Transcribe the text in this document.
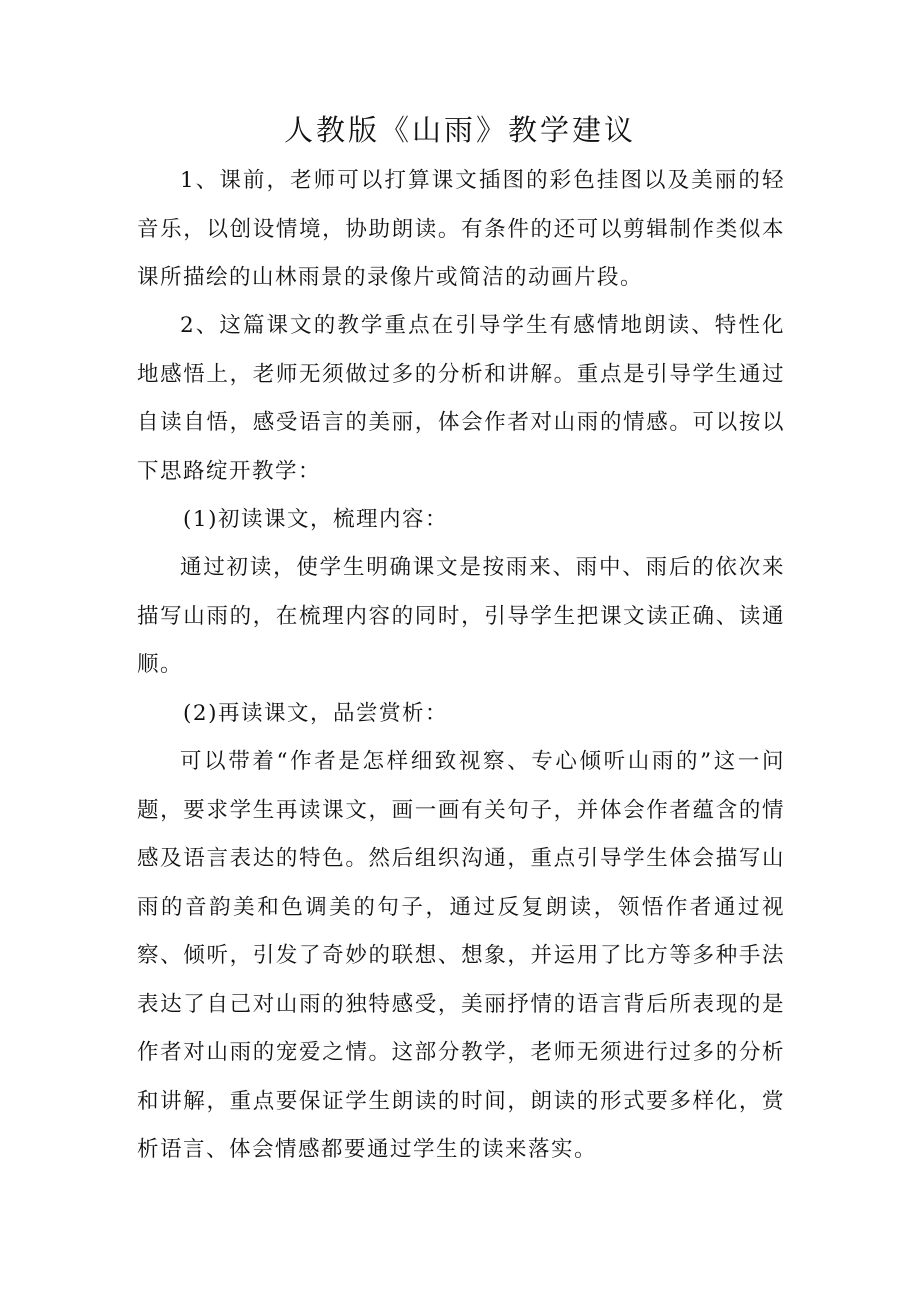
人教版《山雨》教学建议

1、课前，老师可以打算课文插图的彩色挂图以及美丽的轻音乐，以创设情境，协助朗读。有条件的还可以剪辑制作类似本课所描绘的山林雨景的录像片或简洁的动画片段。

2、这篇课文的教学重点在引导学生有感情地朗读、特性化地感悟上，老师无须做过多的分析和讲解。重点是引导学生通过自读自悟，感受语言的美丽，体会作者对山雨的情感。可以按以下思路绽开教学：

(1)初读课文，梳理内容：

通过初读，使学生明确课文是按雨来、雨中、雨后的依次来描写山雨的，在梳理内容的同时，引导学生把课文读正确、读通顺。

(2)再读课文，品尝赏析：

可以带着“作者是怎样细致视察、专心倾听山雨的”这一问题，要求学生再读课文，画一画有关句子，并体会作者蕴含的情感及语言表达的特色。然后组织沟通，重点引导学生体会描写山雨的音韵美和色调美的句子，通过反复朗读，领悟作者通过视察、倾听，引发了奇妙的联想、想象，并运用了比方等多种手法表达了自己对山雨的独特感受，美丽抒情的语言背后所表现的是作者对山雨的宠爱之情。这部分教学，老师无须进行过多的分析和讲解，重点要保证学生朗读的时间，朗读的形式要多样化，赏析语言、体会情感都要通过学生的读来落实。
